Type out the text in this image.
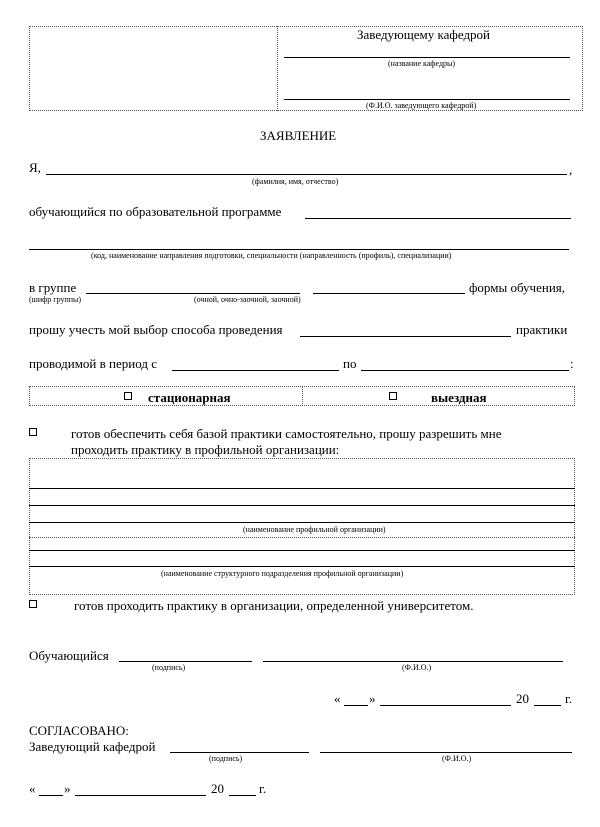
Заведующему кафедрой
(название кафедры)
(Ф.И.О. заведующего кафедрой)
ЗАЯВЛЕНИЕ
Я,	,
(фамилия, имя, отчество)
обучающийся по образовательной программе
(код, наименование направления подготовки, специальности (направленность (профиль), специализации)
в группе	формы обучения,
(шифр группы)	(очной, очно-заочной, заочной)
прошу учесть мой выбор способа проведения	практики
проводимой в период с	по	:
стационарная	выездная
готов обеспечить себя базой практики самостоятельно, прошу разрешить мне
проходить практику в профильной организации:
(наименование профильной организации)
(наименование структурного подразделения профильной организации)
готов проходить практику в организации, определенной университетом.
Обучающийся
(подпись)	(Ф.И.О.)
« »	20	г.
СОГЛАСОВАНО:
Заведующий кафедрой
(подпись)	(Ф.И.О.)
« »	20	г.
